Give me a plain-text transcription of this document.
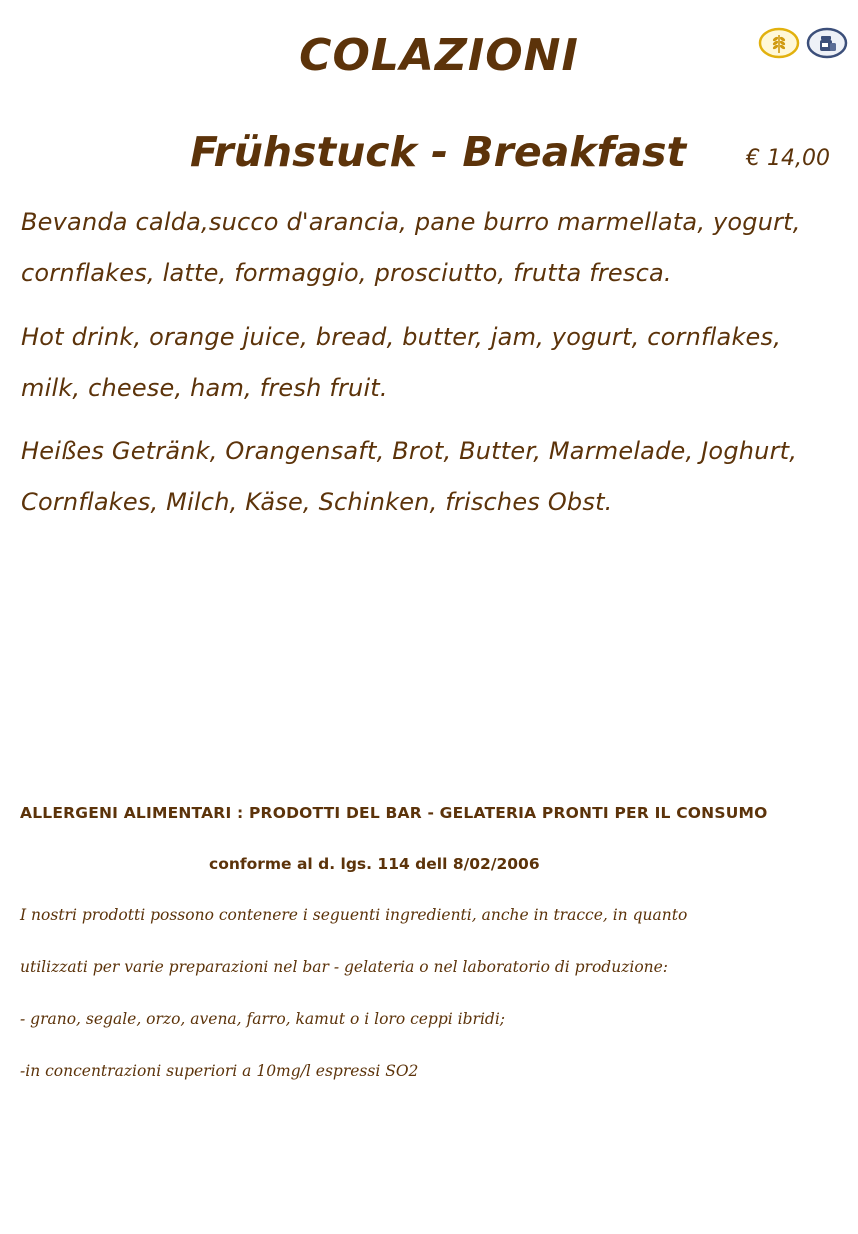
COLAZIONI
Frühstuck - Breakfast	€ 14,00
Bevanda calda,succo d'arancia, pane burro marmellata, yogurt, cornflakes, latte, formaggio, prosciutto, frutta fresca.
Hot drink, orange juice, bread, butter, jam, yogurt, cornflakes, milk, cheese, ham, fresh fruit.
Heißes Getränk, Orangensaft, Brot, Butter, Marmelade, Joghurt, Cornflakes, Milch, Käse, Schinken, frisches Obst.
ALLERGENI ALIMENTARI : PRODOTTI DEL BAR - GELATERIA PRONTI PER IL CONSUMO
conforme al d. lgs. 114 dell 8/02/2006
I nostri prodotti possono contenere i seguenti ingredienti, anche in tracce, in quanto
utilizzati per varie preparazioni nel bar - gelateria o nel laboratorio di produzione:
- grano, segale, orzo, avena, farro, kamut o i loro ceppi ibridi;
-in concentrazioni superiori a 10mg/l espressi SO2
